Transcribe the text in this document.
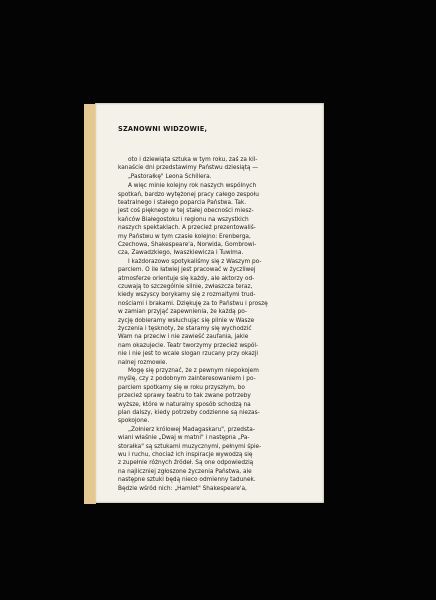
SZANOWNI WIDZOWIE,
oto i dziewiąta sztuka w tym roku, zaś za kil-
kanaście dni przedstawimy Państwu dziesiątą —
„Pastorałkę" Leona Schillera.
A więc minie kolejny rok naszych wspólnych
spotkań, bardzo wytężonej pracy całego zespołu
teatralnego i stałego poparcia Państwa. Tak.
jest coś pięknego w tej stałej obecności miesz-
kańców Białegostoku i regionu na wszystkich
naszych spektaklach. A przecież prezentowaliś-
my Państwu w tym czasie kolejno: Erenberga,
Czechowa, Shakespeare'a, Norwida, Gombrowi-
cza, Zawadzkiego, Iwaszkiewicza i Tuwima.
I każdorazowo spotykaliśmy się z Waszym po-
parciem. O ile łatwiej jest pracować w życzliwej
atmosferze orientuje się każdy, ale aktorzy od-
czuwają to szczególnie silnie, zwłaszcza teraz,
kiedy wszyscy borykamy się z rozmaitymi trud-
nościami i brakami. Dziękuję za to Państwu i proszę
w zamian przyjąć zapewnienia, że każdą po-
zycję dobieramy wsłuchując się pilnie w Wasze
życzenia i tęsknoty, że staramy się wychodzić
Wam na przeciw i nie zawieść zaufania, jakie
nam okazujecie. Teatr tworzymy przecież wspól-
nie i nie jest to wcale slogan rzucany przy okazji
nalnej rozmowie.
Mogę się przyznać, że z pewnym niepokojem
myślę, czy z podobnym zainteresowaniem i po-
parciem spotkamy się w roku przyszłym, bo
przecież sprawy teatru to tak zwane potrzeby
wyższe, które w naturalny sposób schodzą na
plan dalszy, kiedy potrzeby codzienne są niezas-
spokojone.
„Żołnierz królowej Madagaskaru", przedsta-
wiani właśnie „Dwaj w matni" i następna „Pa-
storałka" są sztukami muzycznymi, pełnymi śpie-
wu i ruchu, chociaż ich inspiracje wywodzą się
z zupełnie różnych źródeł. Są one odpowiedzią
na najliczniej zgłoszone życzenia Państwa, ale
następne sztuki będą nieco odmienny tadunek.
Będzie wśród nich: „Hamlet" Shakespeare'a,
